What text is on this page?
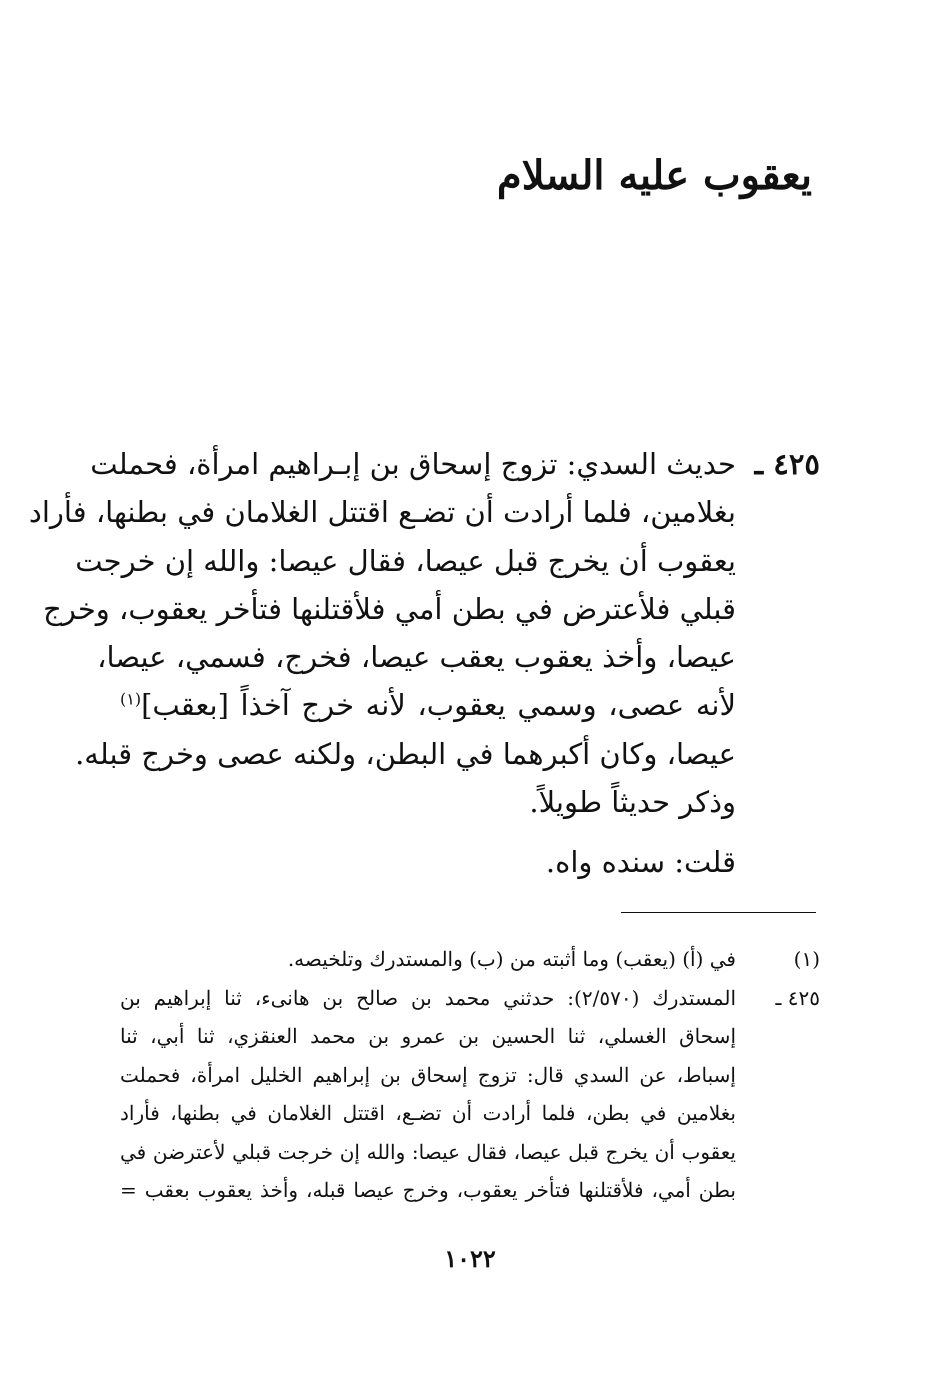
يعقوب عليه السلام
٤٢٥ ـ
حديث السدي: تزوج إسحاق بن إبـراهيم امرأة، فحملت
بغلامين، فلما أرادت أن تضـع اقتتل الغلامان في بطنها، فأراد
يعقوب أن يخرج قبل عيصا، فقال عيصا: والله إن خرجت
قبلي فلأعترض في بطن أمي فلأقتلنها فتأخر يعقوب، وخرج
عيصا، وأخذ يعقوب يعقب عيصا، فخرج، فسمي، عيصا،
لأنه عصى، وسمي يعقوب، لأنه خرج آخذاً [بعقب]$^{(١)}$
عيصا، وكان أكبرهما في البطن، ولكنه عصى وخرج قبله.
وذكر حديثاً طويلاً.
قلت: سنده واه.
(١)
في (أ) (يعقب) وما أثبته من (ب) والمستدرك وتلخيصه.
٤٢٥ ـ
المستدرك (٢/٥٧٠): حدثني محمد بن صالح بن هانىء، ثنا إبراهيم بن
إسحاق الغسلي، ثنا الحسين بن عمرو بن محمد العنقزي، ثنا أبي، ثنا
إسباط، عن السدي قال: تزوج إسحاق بن إبراهيم الخليل امرأة، فحملت
بغلامين في بطن، فلما أرادت أن تضـع، اقتتل الغلامان في بطنها، فأراد
يعقوب أن يخرج قبل عيصا، فقال عيصا: والله إن خرجت قبلي لأعترضن في
بطن أمي، فلأقتلنها فتأخر يعقوب، وخرج عيصا قبله، وأخذ يعقوب بعقب =
١٠٢٢
